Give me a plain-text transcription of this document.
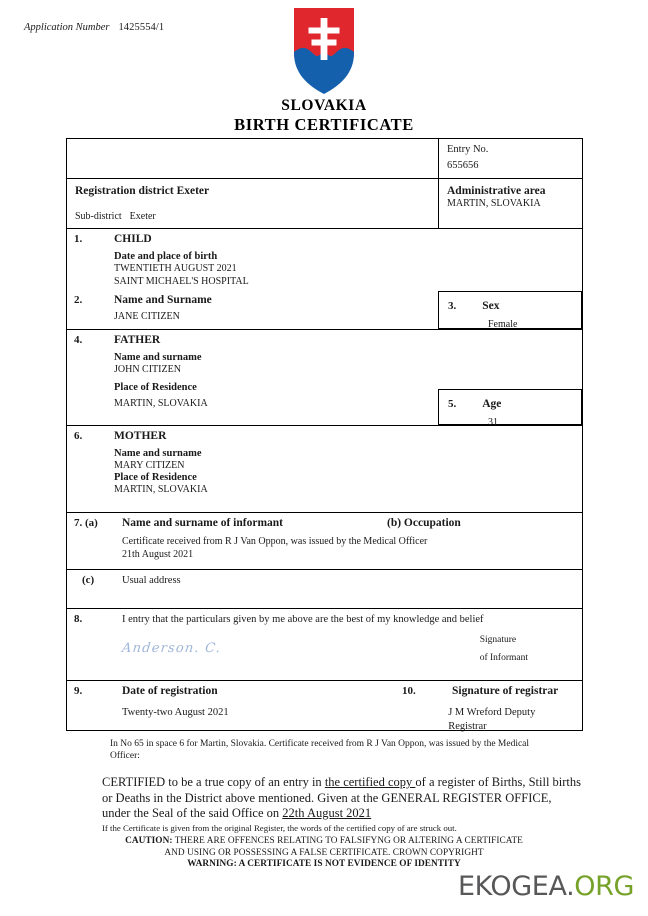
Application Number 1425554/1
SLOVAKIA
BIRTH CERTIFICATE

	Entry No.
655656

Registration district Exeter
Sub-district Exeter

Administrative area
MARTIN, SLOVAKIA

1.	CHILD
Date and place of birth
TWENTIETH AUGUST 2021
SAINT MICHAEL'S HOSPITAL
2.	Name and Surname
JANE CITIZEN
3. Sex
Female

4.	FATHER
Name and surname
JOHN CITIZEN
Place of Residence
MARTIN, SLOVAKIA	5. Age
31

6.	MOTHER
Name and surname
MARY CITIZEN
Place of Residence
MARTIN, SLOVAKIA

7. (a) Name and surname of informant (b) Occupation
Certificate received from R J Van Oppon, was issued by the Medical Officer
21th August 2021	

(c) Usual address	

8. I entry that the particulars given by me above are the best of my knowledge and belief
Anderson. C.
Signature
of Informant	

9.	Date of registration	10.	Signature of registrar
Twenty-two August 2021	J M Wreford Deputy Registrar
In No 65 in space 6 for Martin, Slovakia. Certificate received from R J Van Oppon, was issued by the Medical
Officer:
CERTIFIED to be a true copy of an entry in the certified copy of a register of Births, Still births or Deaths in the District above mentioned. Given at the GENERAL REGISTER OFFICE, under the Seal of the said Office on 22th August 2021
If the Certificate is given from the original Register, the words of the certified copy of are struck out.
CAUTION: THERE ARE OFFENCES RELATING TO FALSIFYNG OR ALTERING A CERTIFICATE
AND USING OR POSSESSING A FALSE CERTIFICATE. CROWN COPYRIGHT
WARNING: A CERTIFICATE IS NOT EVIDENCE OF IDENTITY
EKOGEA.ORG
